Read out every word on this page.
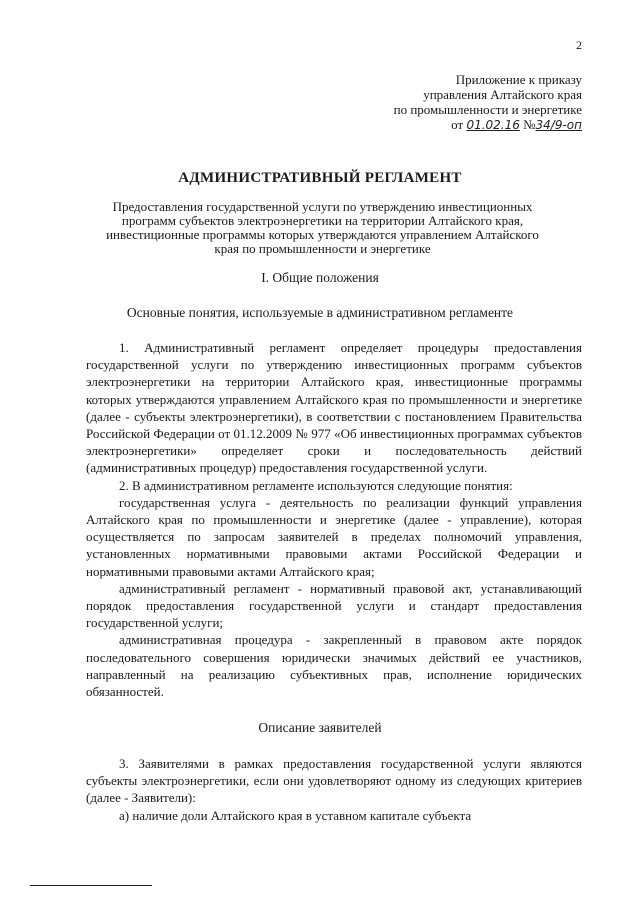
2
Приложение к приказу
управления Алтайского края
по промышленности и энергетике
от 01.02.16 №34/9-оп
АДМИНИСТРАТИВНЫЙ РЕГЛАМЕНТ
Предоставления государственной услуги по утверждению инвестиционных программ субъектов электроэнергетики на территории Алтайского края, инвестиционные программы которых утверждаются управлением Алтайского края по промышленности и энергетике
I. Общие положения
Основные понятия, используемые в административном регламенте

1. Административный регламент определяет процедуры предоставления государственной услуги по утверждению инвестиционных программ субъектов электроэнергетики на территории Алтайского края, инвестиционные программы которых утверждаются управлением Алтайского края по промышленности и энергетике (далее - субъекты электроэнергетики), в соответствии с постановлением Правительства Российской Федерации от 01.12.2009 № 977 «Об инвестиционных программах субъектов электроэнергетики» определяет сроки и последовательность действий (административных процедур) предоставления государственной услуги.

2. В административном регламенте используются следующие понятия:

государственная услуга - деятельность по реализации функций управления Алтайского края по промышленности и энергетике (далее - управление), которая осуществляется по запросам заявителей в пределах полномочий управления, установленных нормативными правовыми актами Российской Федерации и нормативными правовыми актами Алтайского края;

административный регламент - нормативный правовой акт, устанавливающий порядок предоставления государственной услуги и стандарт предоставления государственной услуги;

административная процедура - закрепленный в правовом акте порядок последовательного совершения юридически значимых действий ее участников, направленный на реализацию субъективных прав, исполнение юридических обязанностей.

Описание заявителей

3. Заявителями в рамках предоставления государственной услуги являются субъекты электроэнергетики, если они удовлетворяют одному из следующих критериев (далее - Заявители):

а) наличие доли Алтайского края в уставном капитале субъекта
